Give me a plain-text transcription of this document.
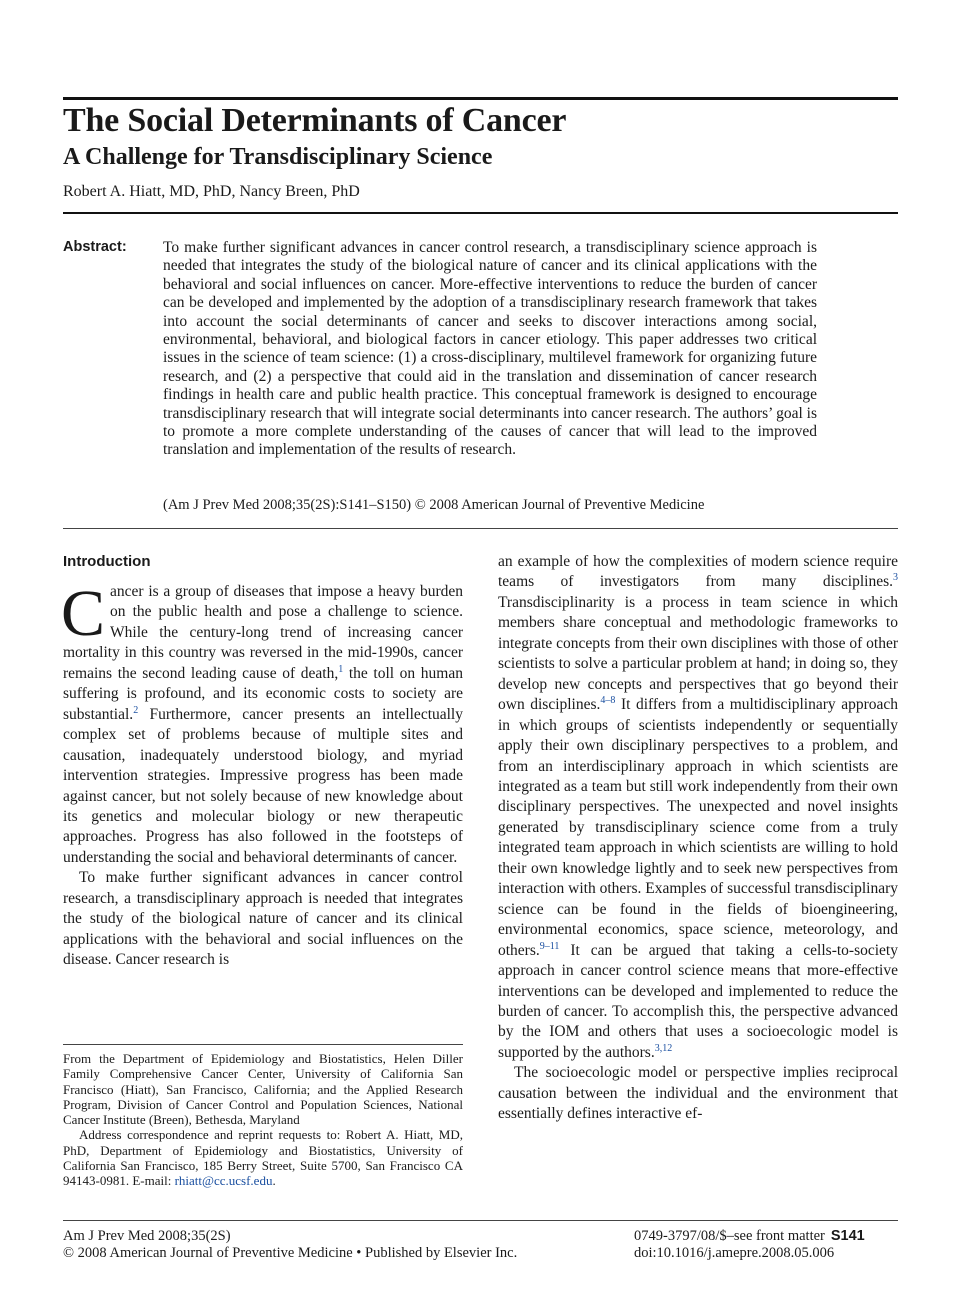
The Social Determinants of Cancer
A Challenge for Transdisciplinary Science
Robert A. Hiatt, MD, PhD, Nancy Breen, PhD
Abstract: To make further significant advances in cancer control research, a transdisciplinary science approach is needed that integrates the study of the biological nature of cancer and its clinical applications with the behavioral and social influences on cancer. More-effective interventions to reduce the burden of cancer can be developed and implemented by the adoption of a transdisciplinary research framework that takes into account the social determinants of cancer and seeks to discover interactions among social, environmental, behavioral, and biological factors in cancer etiology. This paper addresses two critical issues in the science of team science: (1) a cross-disciplinary, multilevel framework for organizing future research, and (2) a perspective that could aid in the translation and dissemination of cancer research findings in health care and public health practice. This conceptual framework is designed to encourage transdisciplinary research that will integrate social determinants into cancer research. The authors’ goal is to promote a more complete understanding of the causes of cancer that will lead to the improved translation and implementation of the results of research.
(Am J Prev Med 2008;35(2S):S141–S150) © 2008 American Journal of Preventive Medicine
Introduction

Cancer is a group of diseases that impose a heavy burden on the public health and pose a challenge to science. While the century-long trend of increasing cancer mortality in this country was reversed in the mid-1990s, cancer remains the second leading cause of death,$^1$ the toll on human suffering is profound, and its economic costs to society are substantial.$^2$ Furthermore, cancer presents an intellectually complex set of problems because of multiple sites and causation, inadequately understood biology, and myriad intervention strategies. Impressive progress has been made against cancer, but not solely because of new knowledge about its genetics and molecular biology or new therapeutic approaches. Progress has also followed in the footsteps of understanding the social and behavioral determinants of cancer.

To make further significant advances in cancer control research, a transdisciplinary approach is needed that integrates the study of the biological nature of cancer and its clinical applications with the behavioral and social influences on the disease. Cancer research is

From the Department of Epidemiology and Biostatistics, Helen Diller Family Comprehensive Cancer Center, University of California San Francisco (Hiatt), San Francisco, California; and the Applied Research Program, Division of Cancer Control and Population Sciences, National Cancer Institute (Breen), Bethesda, Maryland

Address correspondence and reprint requests to: Robert A. Hiatt, MD, PhD, Department of Epidemiology and Biostatistics, University of California San Francisco, 185 Berry Street, Suite 5700, San Francisco CA 94143-0981. E-mail: rhiatt@cc.ucsf.edu.

an example of how the complexities of modern science require teams of investigators from many disciplines.$^3$ Transdisciplinarity is a process in team science in which members share conceptual and methodologic frameworks to integrate concepts from their own disciplines with those of other scientists to solve a particular problem at hand; in doing so, they develop new concepts and perspectives that go beyond their own disciplines.$^{4-8}$ It differs from a multidisciplinary approach in which groups of scientists independently or sequentially apply their own disciplinary perspectives to a problem, and from an interdisciplinary approach in which scientists are integrated as a team but still work independently from their own disciplinary perspectives. The unexpected and novel insights generated by transdisciplinary science come from a truly integrated team approach in which scientists are willing to hold their own knowledge lightly and to seek new perspectives from interaction with others. Examples of successful transdisciplinary science can be found in the fields of bioengineering, environmental economics, space science, meteorology, and others.$^{9-11}$ It can be argued that taking a cells-to-society approach in cancer control science means that more-effective interventions can be developed and implemented to reduce the burden of cancer. To accomplish this, the perspective advanced by the IOM and others that uses a socioecologic model is supported by the authors.$^{3,12}$

The socioecologic model or perspective implies reciprocal causation between the individual and the environment that essentially defines interactive ef-

Am J Prev Med 2008;35(2S)
© 2008 American Journal of Preventive Medicine • Published by Elsevier Inc.
0749-3797/08/$–see front matter S141
doi:10.1016/j.amepre.2008.05.006
